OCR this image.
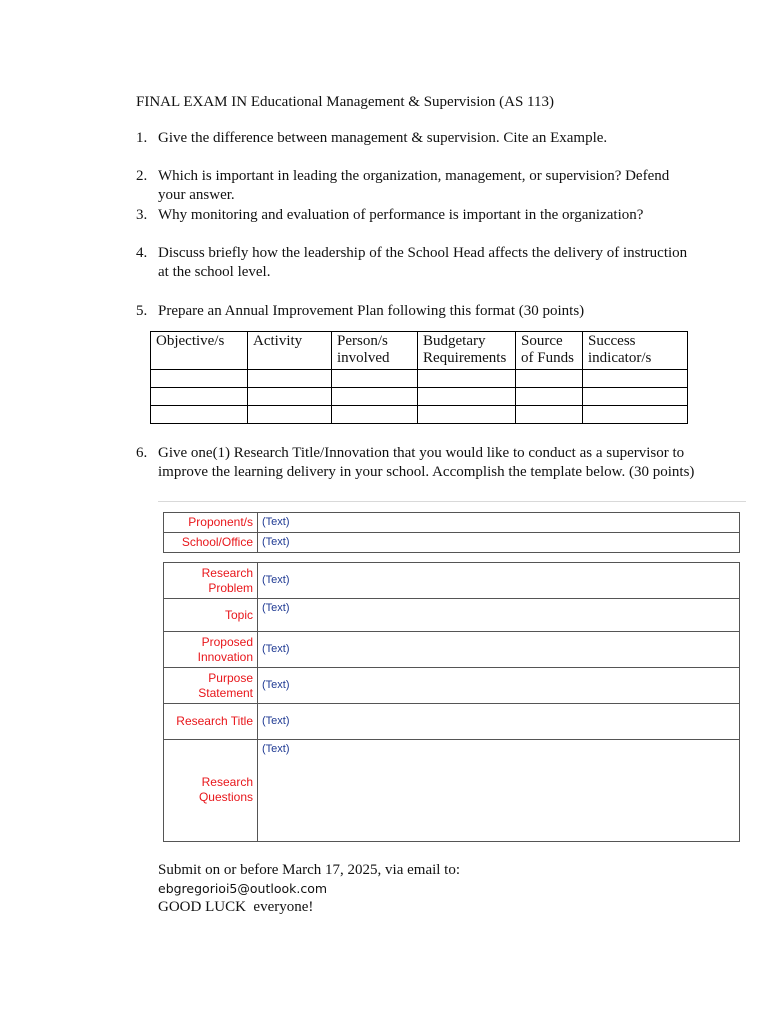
FINAL EXAM IN Educational Management & Supervision (AS 113)
1. Give the difference between management & supervision. Cite an Example.
2. Which is important in leading the organization, management, or supervision? Defend your answer.
3. Why monitoring and evaluation of performance is important in the organization?
4. Discuss briefly how the leadership of the School Head affects the delivery of instruction at the school level.
5. Prepare an Annual Improvement Plan following this format (30 points)
Objective/s	Activity	Person/s involved	Budgetary Requirements	Source of Funds	Success indicator/s

6. Give one(1) Research Title/Innovation that you would like to conduct as a supervisor to improve the learning delivery in your school. Accomplish the template below. (30 points)
Proponent/s	(Text)
School/Office	(Text)
Research Problem	(Text)
Topic	(Text)
Proposed Innovation	(Text)
Purpose Statement	(Text)
Research Title	(Text)
Research Questions	(Text)
Submit on or before March 17, 2025, via email to:
ebgregorioi5@outlook.com
GOOD LUCK  everyone!
